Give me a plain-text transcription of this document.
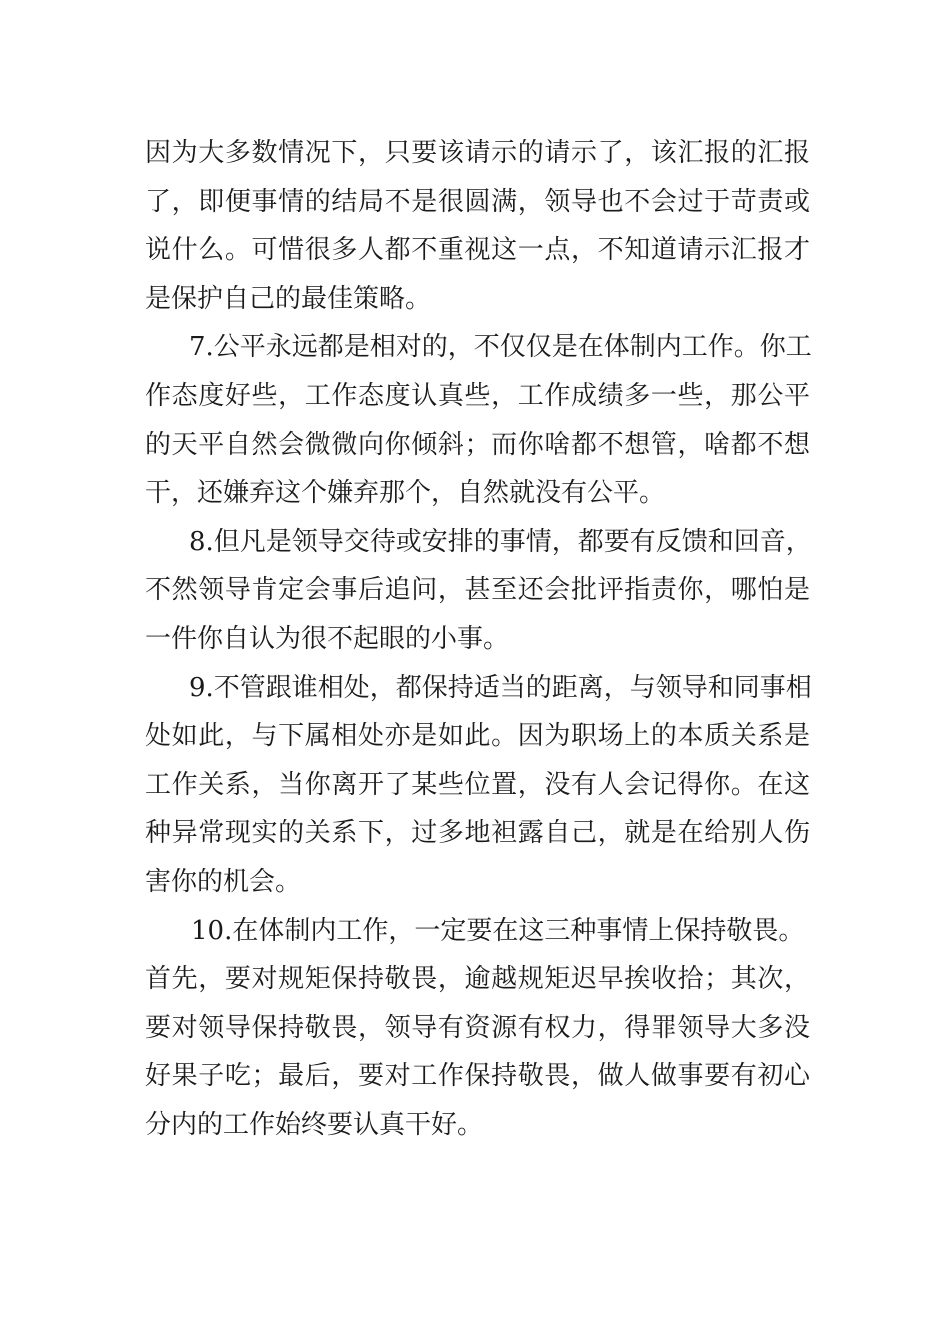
因为大多数情况下，只要该请示的请示了，该汇报的汇报
了，即便事情的结局不是很圆满，领导也不会过于苛责或
说什么。可惜很多人都不重视这一点，不知道请示汇报才
是保护自己的最佳策略。
7.公平永远都是相对的，不仅仅是在体制内工作。你工
作态度好些，工作态度认真些，工作成绩多一些，那公平
的天平自然会微微向你倾斜；而你啥都不想管，啥都不想
干，还嫌弃这个嫌弃那个，自然就没有公平。
8.但凡是领导交待或安排的事情，都要有反馈和回音，
不然领导肯定会事后追问，甚至还会批评指责你，哪怕是
一件你自认为很不起眼的小事。
9.不管跟谁相处，都保持适当的距离，与领导和同事相
处如此，与下属相处亦是如此。因为职场上的本质关系是
工作关系，当你离开了某些位置，没有人会记得你。在这
种异常现实的关系下，过多地袒露自己，就是在给别人伤
害你的机会。
10.在体制内工作，一定要在这三种事情上保持敬畏。
首先，要对规矩保持敬畏，逾越规矩迟早挨收拾；其次，
要对领导保持敬畏，领导有资源有权力，得罪领导大多没
好果子吃；最后，要对工作保持敬畏，做人做事要有初心
分内的工作始终要认真干好。
